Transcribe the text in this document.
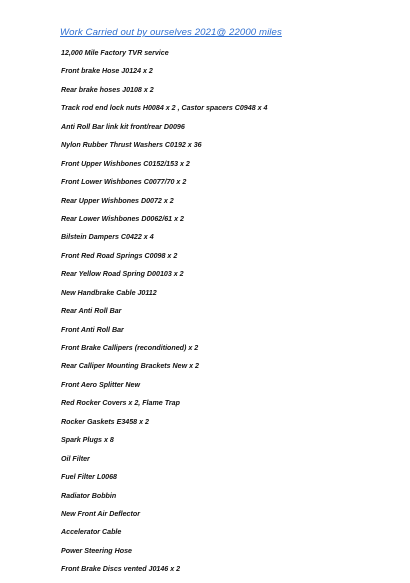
Work Carried out by ourselves 2021@ 22000 miles
12,000 Mile Factory TVR service
Front brake Hose J0124 x 2
Rear brake hoses J0108 x 2
Track rod end lock nuts H0084 x 2 , Castor spacers C0948 x 4
Anti Roll Bar link kit front/rear D0096
Nylon Rubber Thrust Washers C0192 x 36
Front Upper Wishbones C0152/153 x 2
Front Lower Wishbones C0077/70 x 2
Rear Upper Wishbones D0072 x 2
Rear Lower Wishbones D0062/61 x 2
Bilstein Dampers C0422 x 4
Front Red Road Springs C0098 x 2
Rear Yellow Road Spring D00103 x 2
New Handbrake Cable J0112
Rear Anti Roll Bar
Front Anti Roll Bar
Front Brake Callipers (reconditioned) x 2
Rear Calliper Mounting Brackets New x 2
Front Aero Splitter New
Red Rocker Covers x 2, Flame Trap
Rocker Gaskets E3458 x 2
Spark Plugs x 8
Oil Filter
Fuel Filter L0068
Radiator Bobbin
New Front Air Deflector
Accelerator Cable
Power Steering Hose
Front Brake Discs vented J0146 x 2
